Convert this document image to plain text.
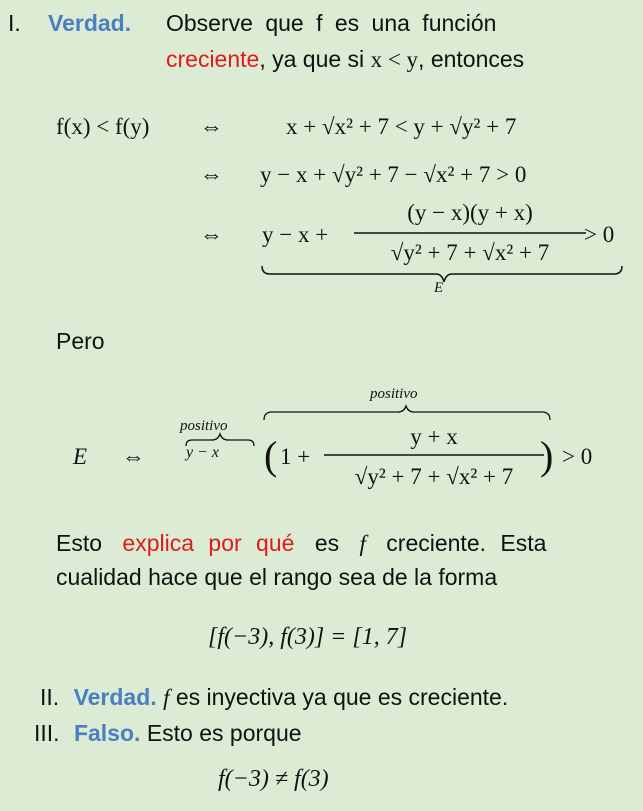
I. Verdad. Observe que f es una función
creciente, ya que si x < y, entonces
f(x) < f(y) ⇔
⇔
⇔
x + √x² + 7 < y + √y² + 7
y − x + √y² + 7 − √x² + 7 > 0
y − x +
(y − x)(y + x)
√y² + 7 + √x² + 7
> 0
E
Pero
E ⇔
positivo
y − x
positivo
( 1 +
y + x
√y² + 7 + √x² + 7 ) > 0
Esto explica por qué es f creciente. Esta
cualidad hace que el rango sea de la forma
[f(−3), f(3)] = [1, 7]
II. Verdad. f es inyectiva ya que es creciente.
III. Falso. Esto es porque
f(−3) ≠ f(3)
